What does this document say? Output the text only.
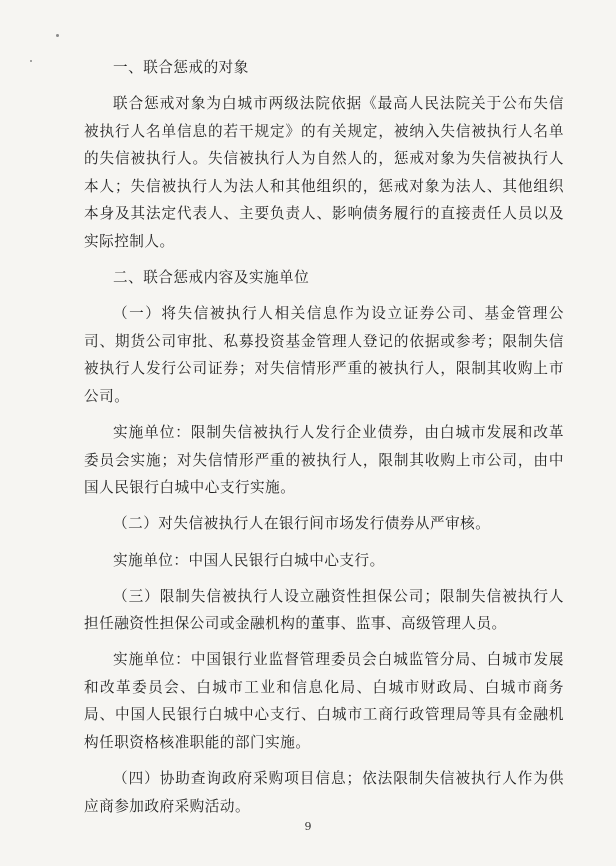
一、联合惩戒的对象

联合惩戒对象为白城市两级法院依据《最高人民法院关于公布失信被执行人名单信息的若干规定》的有关规定，被纳入失信被执行人名单的失信被执行人。失信被执行人为自然人的，惩戒对象为失信被执行人本人；失信被执行人为法人和其他组织的，惩戒对象为法人、其他组织本身及其法定代表人、主要负责人、影响债务履行的直接责任人员以及实际控制人。

二、联合惩戒内容及实施单位

（一）将失信被执行人相关信息作为设立证券公司、基金管理公司、期货公司审批、私募投资基金管理人登记的依据或参考；限制失信被执行人发行公司证券；对失信情形严重的被执行人，限制其收购上市公司。

实施单位：限制失信被执行人发行企业债券，由白城市发展和改革委员会实施；对失信情形严重的被执行人，限制其收购上市公司，由中国人民银行白城中心支行实施。

（二）对失信被执行人在银行间市场发行债券从严审核。

实施单位：中国人民银行白城中心支行。

（三）限制失信被执行人设立融资性担保公司；限制失信被执行人担任融资性担保公司或金融机构的董事、监事、高级管理人员。

实施单位：中国银行业监督管理委员会白城监管分局、白城市发展和改革委员会、白城市工业和信息化局、白城市财政局、白城市商务局、中国人民银行白城中心支行、白城市工商行政管理局等具有金融机构任职资格核准职能的部门实施。

（四）协助查询政府采购项目信息；依法限制失信被执行人作为供应商参加政府采购活动。

9
